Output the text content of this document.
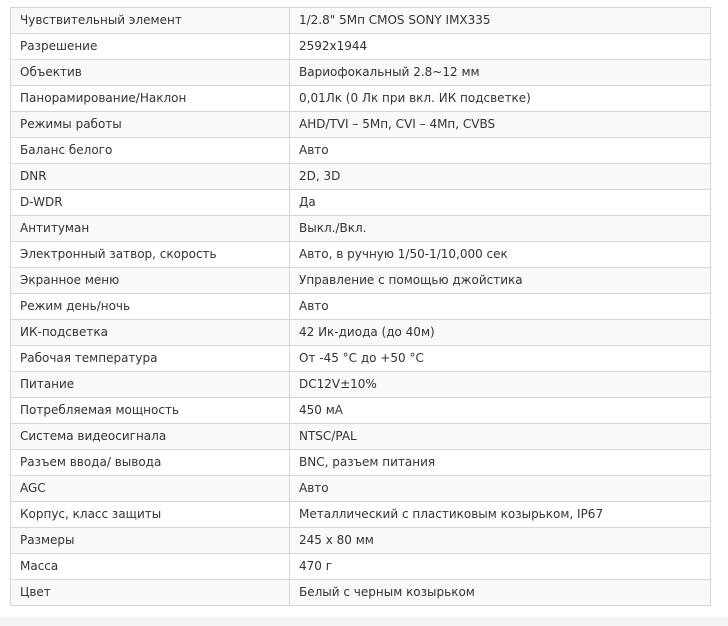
Чувствительный элемент	1/2.8" 5Мп CMOS SONY IMX335
Разрешение	2592x1944
Объектив	Вариофокальный 2.8~12 мм
Панорамирование/Наклон	0,01Лк (0 Лк при вкл. ИК подсветке)
Режимы работы	AHD/TVI – 5Мп, CVI – 4Мп, CVBS
Баланс белого	Авто
DNR	2D, 3D
D-WDR	Да
Антитуман	Выкл./Вкл.
Электронный затвор, скорость	Авто, в ручную 1/50-1/10,000 сек
Экранное меню	Управление с помощью джойстика
Режим день/ночь	Авто
ИК-подсветка	42 Ик-диода (до 40м)
Рабочая температура	От -45 °C до +50 °C
Питание	DC12V±10%
Потребляемая мощность	450 мА
Система видеосигнала	NTSC/PAL
Разъем ввода/ вывода	BNC, разъем питания
AGC	Авто
Корпус, класс защиты	Металлический с пластиковым козырьком, IP67
Размеры	245 x 80 мм
Масса	470 г
Цвет	Белый с черным козырьком
